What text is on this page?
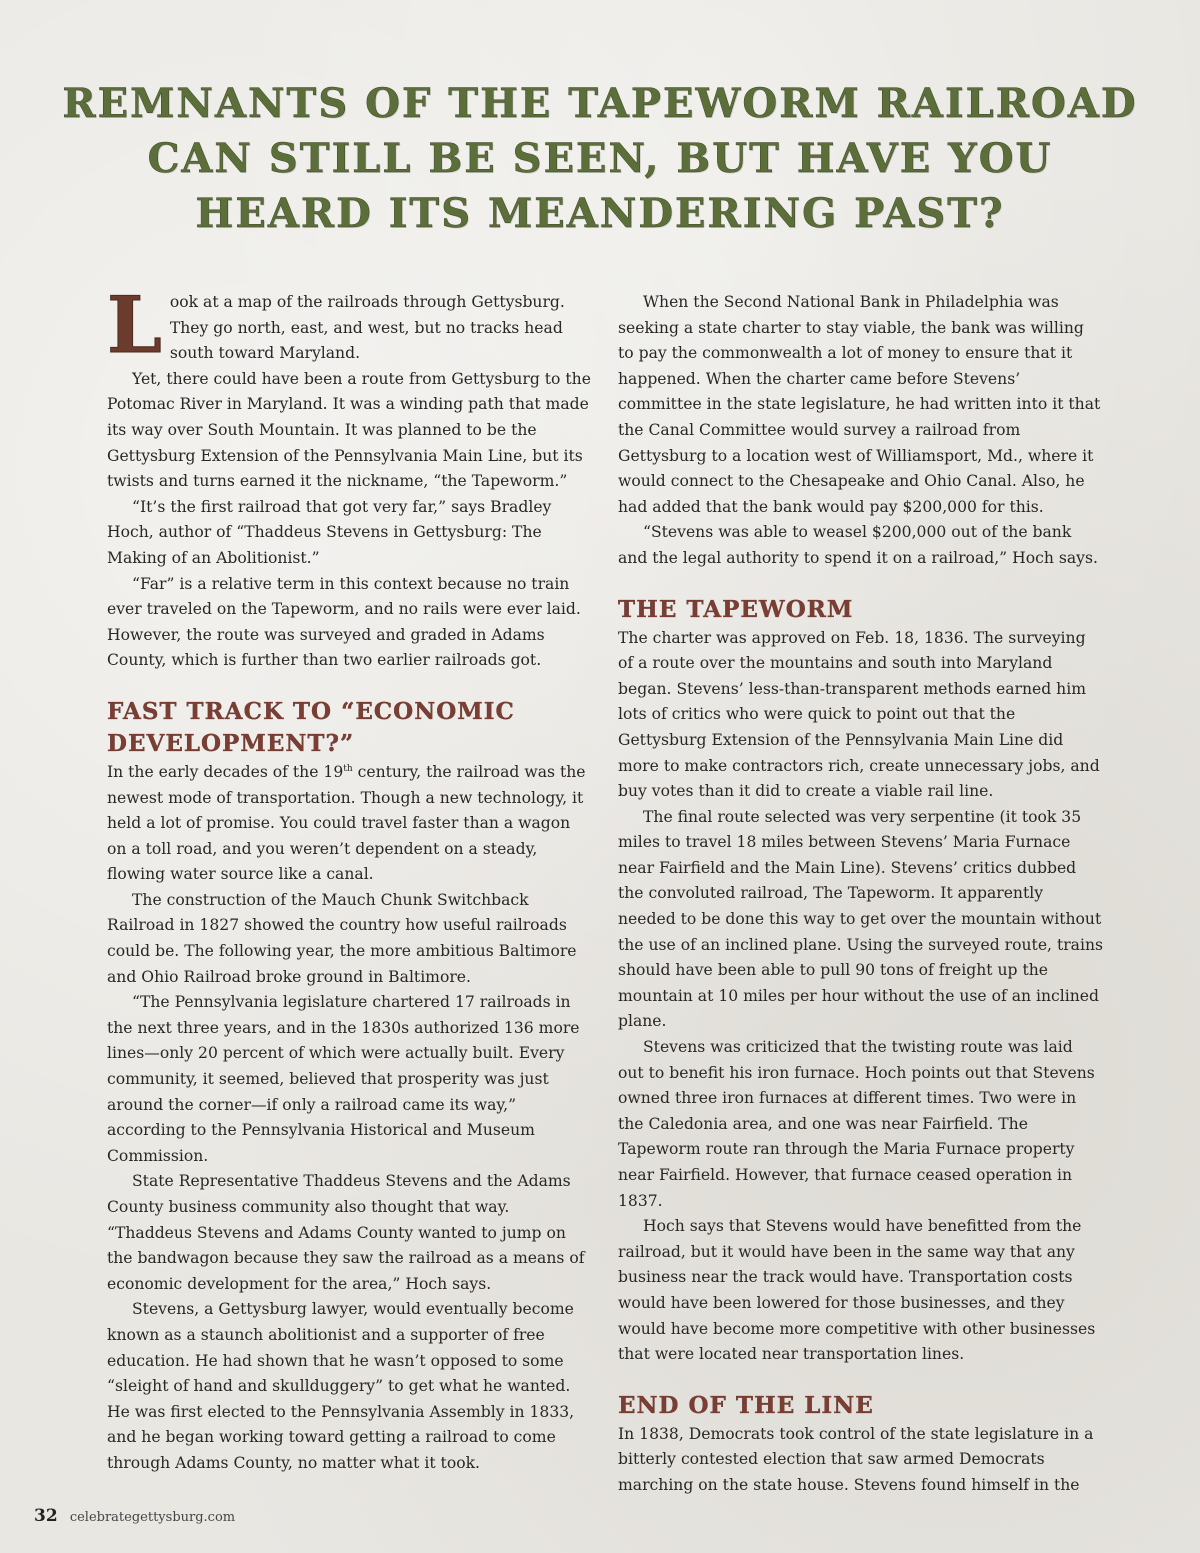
REMNANTS OF THE TAPEWORM RAILROAD
CAN STILL BE SEEN, BUT HAVE YOU
HEARD ITS MEANDERING PAST?

Look at a map of the railroads through Gettysburg. They go north, east, and west, but no tracks head south toward Maryland.

Yet, there could have been a route from Gettysburg to the Potomac River in Maryland. It was a winding path that made its way over South Mountain. It was planned to be the Gettysburg Extension of the Pennsylvania Main Line, but its twists and turns earned it the nickname, “the Tapeworm.”

“It’s the first railroad that got very far,” says Bradley Hoch, author of “Thaddeus Stevens in Gettysburg: The Making of an Abolitionist.”

“Far” is a relative term in this context because no train ever traveled on the Tapeworm, and no rails were ever laid. However, the route was surveyed and graded in Adams County, which is further than two earlier railroads got.

FAST TRACK TO “ECONOMIC DEVELOPMENT?”

In the early decades of the 19th century, the railroad was the newest mode of transportation. Though a new technology, it held a lot of promise. You could travel faster than a wagon on a toll road, and you weren’t dependent on a steady, flowing water source like a canal.

The construction of the Mauch Chunk Switchback Railroad in 1827 showed the country how useful railroads could be. The following year, the more ambitious Baltimore and Ohio Railroad broke ground in Baltimore.

“The Pennsylvania legislature chartered 17 railroads in the next three years, and in the 1830s authorized 136 more lines—only 20 percent of which were actually built. Every community, it seemed, believed that prosperity was just around the corner—if only a railroad came its way,” according to the Pennsylvania Historical and Museum Commission.

State Representative Thaddeus Stevens and the Adams County business community also thought that way. “Thaddeus Stevens and Adams County wanted to jump on the bandwagon because they saw the railroad as a means of economic development for the area,” Hoch says.

Stevens, a Gettysburg lawyer, would eventually become known as a staunch abolitionist and a supporter of free education. He had shown that he wasn’t opposed to some “sleight of hand and skullduggery” to get what he wanted. He was first elected to the Pennsylvania Assembly in 1833, and he began working toward getting a railroad to come through Adams County, no matter what it took.

When the Second National Bank in Philadelphia was seeking a state charter to stay viable, the bank was willing to pay the commonwealth a lot of money to ensure that it happened. When the charter came before Stevens’ committee in the state legislature, he had written into it that the Canal Committee would survey a railroad from Gettysburg to a location west of Williamsport, Md., where it would connect to the Chesapeake and Ohio Canal. Also, he had added that the bank would pay $200,000 for this.

“Stevens was able to weasel $200,000 out of the bank and the legal authority to spend it on a railroad,” Hoch says.

THE TAPEWORM

The charter was approved on Feb. 18, 1836. The surveying of a route over the mountains and south into Maryland began. Stevens’ less-than-transparent methods earned him lots of critics who were quick to point out that the Gettysburg Extension of the Pennsylvania Main Line did more to make contractors rich, create unnecessary jobs, and buy votes than it did to create a viable rail line.

The final route selected was very serpentine (it took 35 miles to travel 18 miles between Stevens’ Maria Furnace near Fairfield and the Main Line). Stevens’ critics dubbed the convoluted railroad, The Tapeworm. It apparently needed to be done this way to get over the mountain without the use of an inclined plane. Using the surveyed route, trains should have been able to pull 90 tons of freight up the mountain at 10 miles per hour without the use of an inclined plane.

Stevens was criticized that the twisting route was laid out to benefit his iron furnace. Hoch points out that Stevens owned three iron furnaces at different times. Two were in the Caledonia area, and one was near Fairfield. The Tapeworm route ran through the Maria Furnace property near Fairfield. However, that furnace ceased operation in 1837.

Hoch says that Stevens would have benefitted from the railroad, but it would have been in the same way that any business near the track would have. Transportation costs would have been lowered for those businesses, and they would have become more competitive with other businesses that were located near transportation lines.

END OF THE LINE

In 1838, Democrats took control of the state legislature in a bitterly contested election that saw armed Democrats marching on the state house. Stevens found himself in the

32 celebrategettysburg.com
